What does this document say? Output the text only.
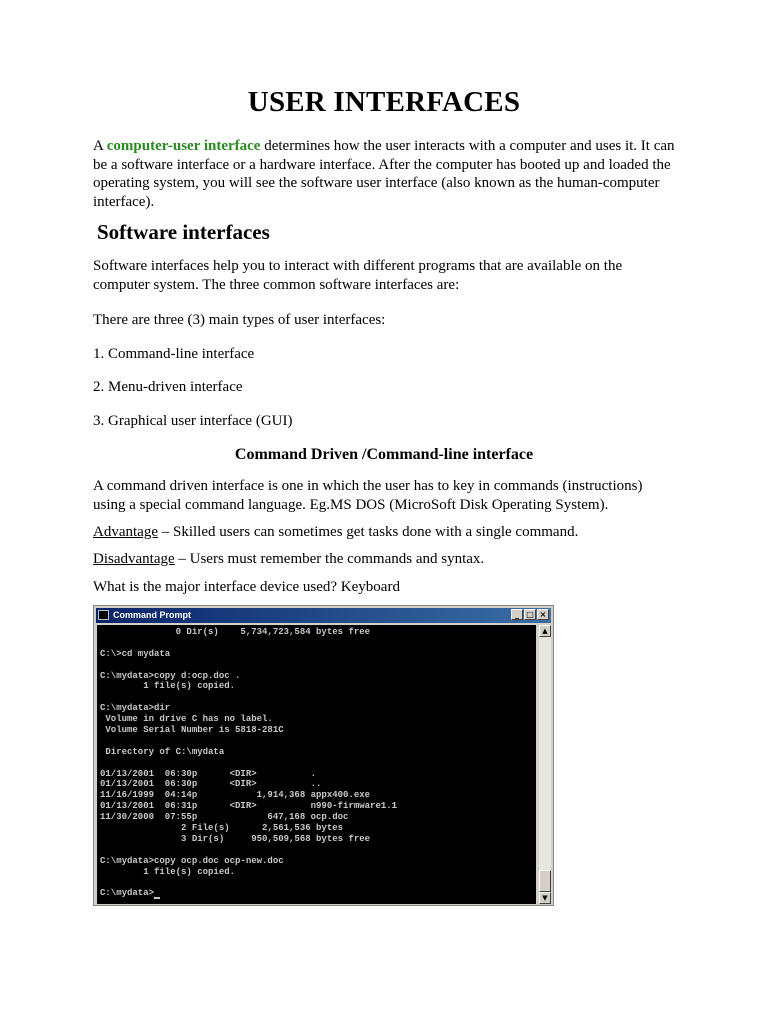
USER INTERFACES

A computer-user interface determines how the user interacts with a computer and uses it. It can be a software interface or a hardware interface. After the computer has booted up and loaded the operating system, you will see the software user interface (also known as the human-computer interface).

Software interfaces

Software interfaces help you to interact with different programs that are available on the computer system. The three common software interfaces are:

There are three (3) main types of user interfaces:

1. Command-line interface

2. Menu-driven interface

3. Graphical user interface (GUI)

Command Driven /Command-line interface

A command driven interface is one in which the user has to key in commands (instructions) using a special command language. Eg.MS DOS (MicroSoft Disk Operating System).

Advantage – Skilled users can sometimes get tasks done with a single command.

Disadvantage – Users must remember the commands and syntax.

What is the major interface device used? Keyboard

Command Prompt	_ □ ×
0 Dir(s)    5,734,723,584 bytes free
C:\>cd mydata
C:\mydata>copy d:ocp.doc .
1 file(s) copied.
C:\mydata>dir
Volume in drive C has no label.
Volume Serial Number is 5818-281C
Directory of C:\mydata
01/13/2001  06:30p      <DIR>          .
01/13/2001  06:30p      <DIR>          ..
11/16/1999  04:14p           1,914,368 appx400.exe
01/13/2001  06:31p      <DIR>          n990-firmware1.1
11/30/2000  07:55p             647,168 ocp.doc
2 File(s)      2,561,536 bytes
3 Dir(s)     950,509,568 bytes free
C:\mydata>copy ocp.doc ocp-new.doc
1 file(s) copied.
C:\mydata>
▲
▼
